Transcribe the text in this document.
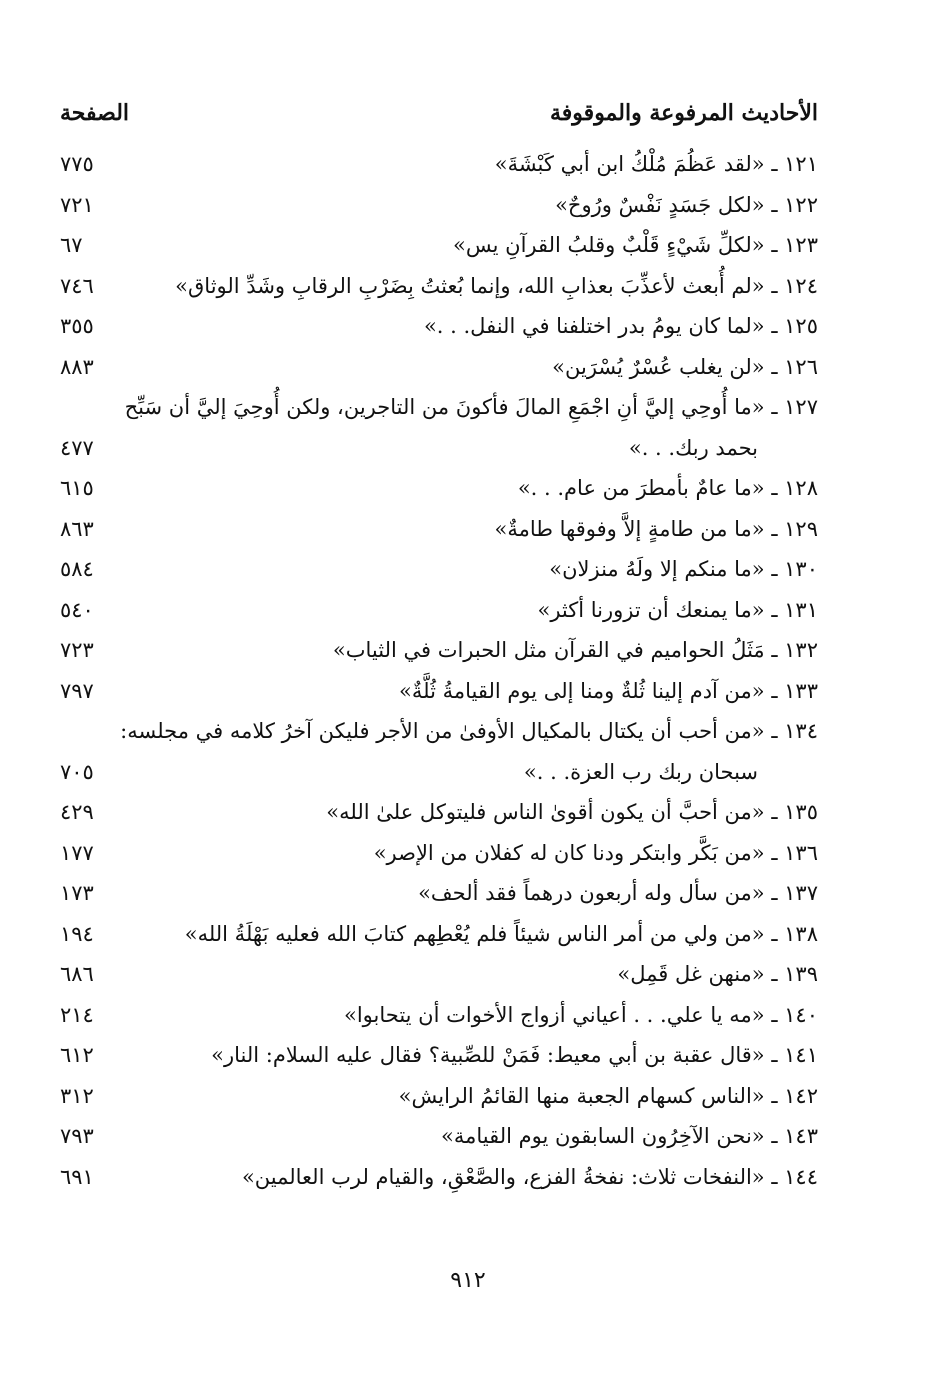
الأحاديث المرفوعة والموقوفة
الصفحة
١٢١ ـ «لقد عَظُمَ مُلْكُ ابن أبي كَبْشَةَ»
٧٧٥
١٢٢ ـ «لكل جَسَدٍ نَفْسٌ ورُوحٌ»
٧٢١
١٢٣ ـ «لكلِّ شَيْءٍ قَلْبٌ وقلبُ القرآنِ يس»
٦٧
١٢٤ ـ «لم أُبعث لأعذِّبَ بعذابِ الله، وإنما بُعثتُ بِضَرْبِ الرقابِ وشَدِّ الوثاق»
٧٤٦
١٢٥ ـ «لما كان يومُ بدر اختلفنا في النفل. . .»
٣٥٥
١٢٦ ـ «لن يغلب عُسْرٌ يُسْرَين»
٨٨٣
١٢٧ ـ «ما أُوحِي إليَّ أنِ اجْمَعِ المالَ فأكونَ من التاجرين، ولكن أُوحِيَ إليَّ أن سَبِّح
بحمد ربك. . .»
٤٧٧
١٢٨ ـ «ما عامٌ بأمطرَ من عام. . .»
٦١٥
١٢٩ ـ «ما من طامةٍ إلاَّ وفوقها طامةٌ»
٨٦٣
١٣٠ ـ «ما منكم إلا ولَهُ منزلان»
٥٨٤
١٣١ ـ «ما يمنعك أن تزورنا أكثر»
٥٤٠
١٣٢ ـ مَثَلُ الحواميم في القرآن مثل الحبرات في الثياب»
٧٢٣
١٣٣ ـ «من آدم إلينا ثُلةٌ ومنا إلى يوم القيامةُ ثُلَّةٌ»
٧٩٧
١٣٤ ـ «من أحب أن يكتال بالمكيال الأوفىٰ من الأجر فليكن آخرُ كلامه في مجلسه:
سبحان ربك رب العزة. . .»
٧٠٥
١٣٥ ـ «من أحبَّ أن يكون أقوىٰ الناس فليتوكل علىٰ الله»
٤٢٩
١٣٦ ـ «من بَكَّر وابتكر ودنا كان له كفلان من الإصر»
١٧٧
١٣٧ ـ «من سأل وله أربعون درهماً فقد ألحف»
١٧٣
١٣٨ ـ «من ولي من أمر الناس شيئاً فلم يُعْطِهم كتابَ الله فعليه بَهْلَةُ الله»
١٩٤
١٣٩ ـ «منهن غل قَمِل»
٦٨٦
١٤٠ ـ «مه يا علي. . . أعياني أزواج الأخوات أن يتحابوا»
٢١٤
١٤١ ـ «قال عقبة بن أبي معيط: فَمَنْ للصِّبية؟ فقال عليه السلام: النار»
٦١٢
١٤٢ ـ «الناس كسهام الجعبة منها القائمُ الرايش»
٣١٢
١٤٣ ـ «نحن الآخِرُون السابقون يوم القيامة»
٧٩٣
١٤٤ ـ «النفخات ثلاث: نفخةُ الفزع، والصَّعْقِ، والقيام لرب العالمين»
٦٩١
٩١٢
